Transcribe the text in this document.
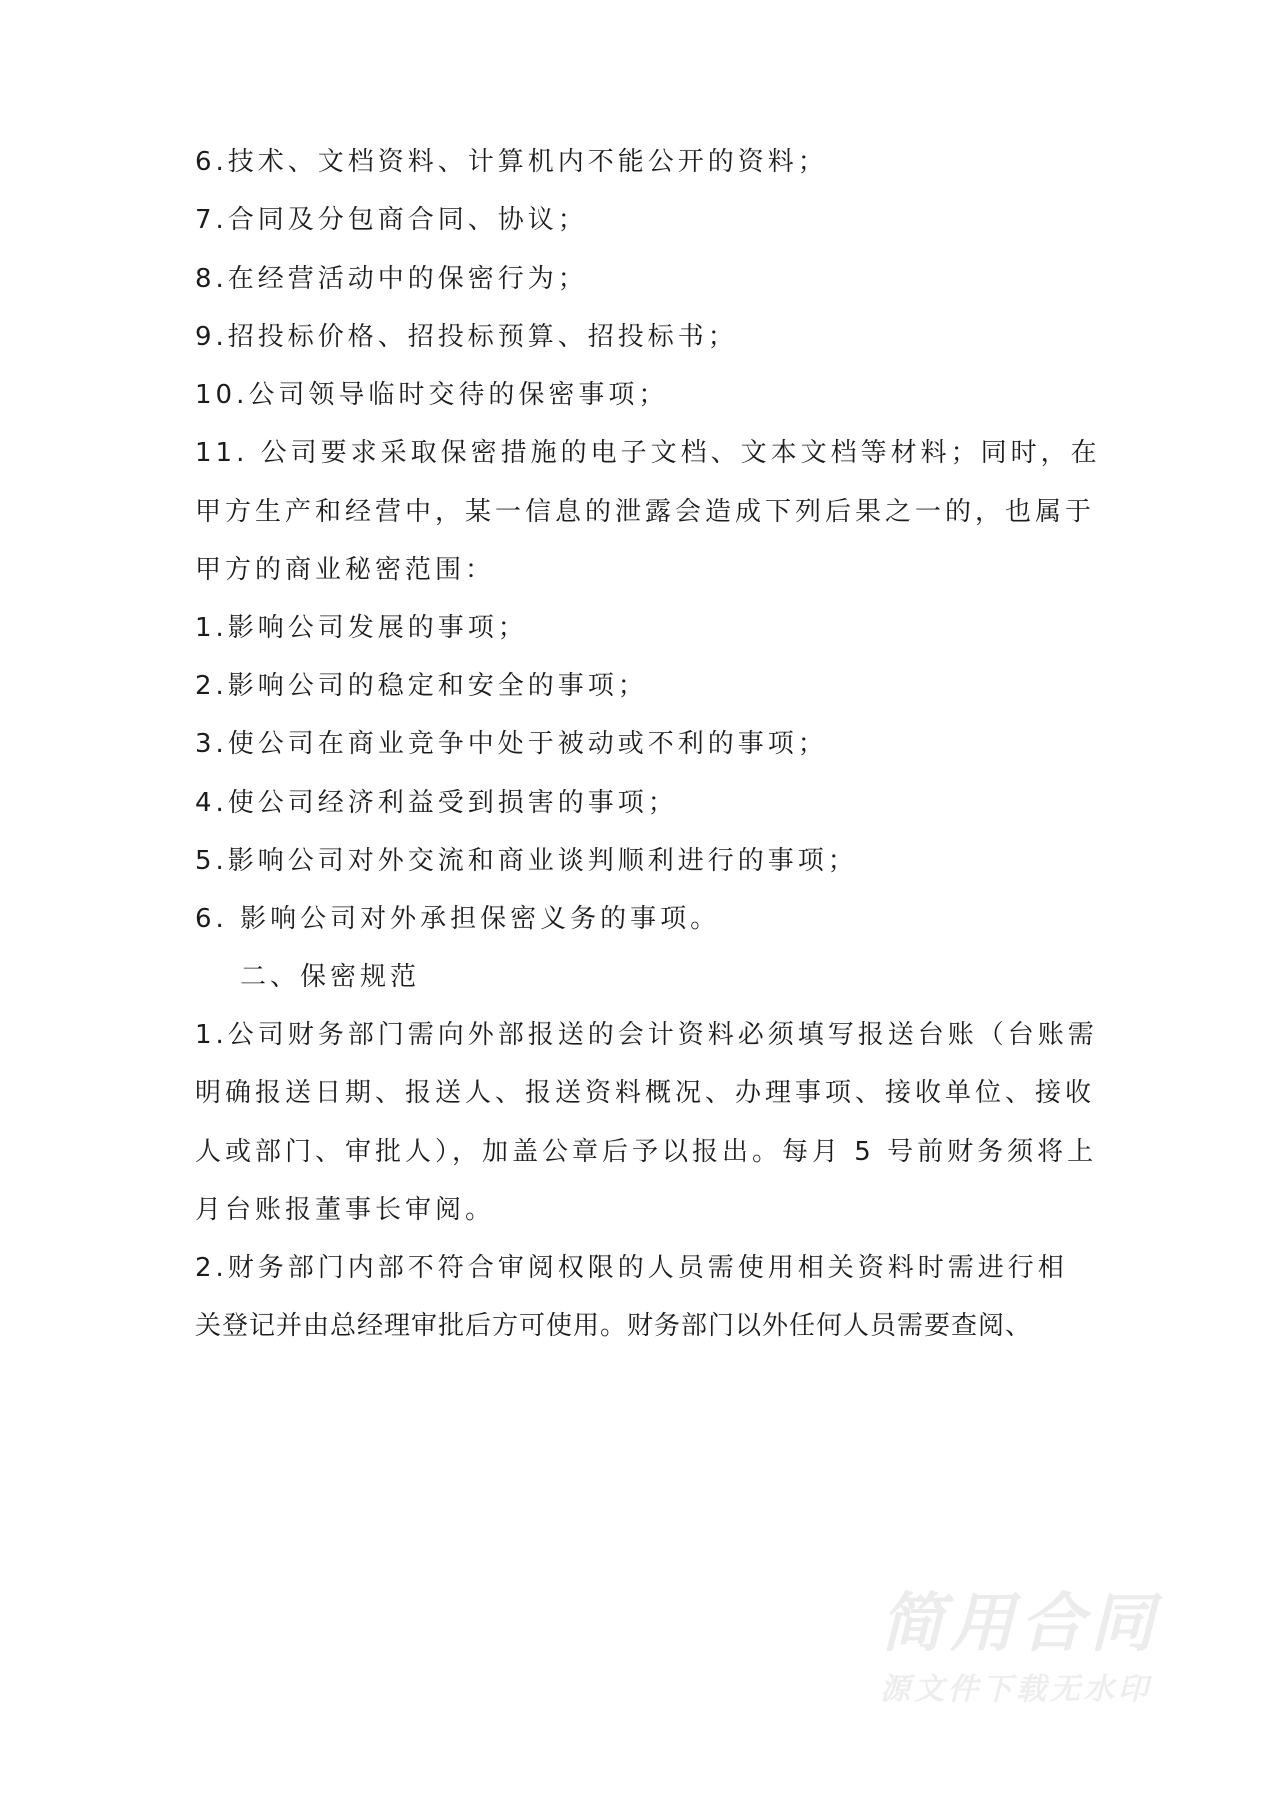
6.技术、文档资料、计算机内不能公开的资料；
7.合同及分包商合同、协议；
8.在经营活动中的保密行为；
9.招投标价格、招投标预算、招投标书；
10.公司领导临时交待的保密事项；
11. 公司要求采取保密措施的电子文档、文本文档等材料；同时，在
甲方生产和经营中，某一信息的泄露会造成下列后果之一的，也属于
甲方的商业秘密范围：
1.影响公司发展的事项；
2.影响公司的稳定和安全的事项；
3.使公司在商业竞争中处于被动或不利的事项；
4.使公司经济利益受到损害的事项；
5.影响公司对外交流和商业谈判顺利进行的事项；
6. 影响公司对外承担保密义务的事项。
二、保密规范
1.公司财务部门需向外部报送的会计资料必须填写报送台账（台账需
明确报送日期、报送人、报送资料概况、办理事项、接收单位、接收
人或部门、审批人），加盖公章后予以报出。每月 5 号前财务须将上
月台账报董事长审阅。
2.财务部门内部不符合审阅权限的人员需使用相关资料时需进行相
关登记并由总经理审批后方可使用。财务部门以外任何人员需要查阅、
简用合同
源文件下载无水印
